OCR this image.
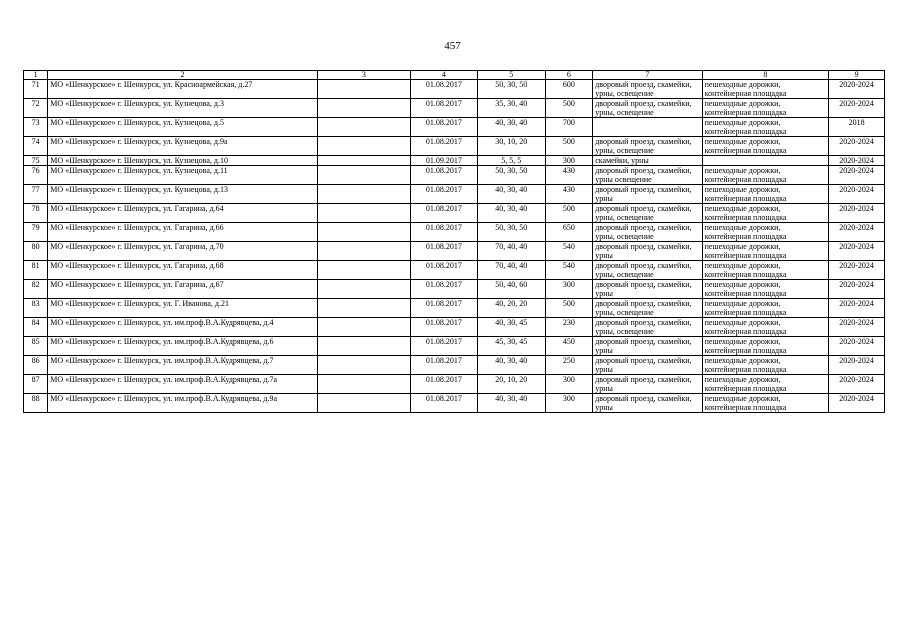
457
1	2	3	4	5	6	7	8	9
71	МО «Шенкурское» г. Шенкурск, ул. Красноармейская, д.27		01.08.2017	50, 30, 50	600	дворовый проезд, скамейки, урны, освещение	пешеходные дорожки, контейнерная площадка	2020-2024
72	МО «Шенкурское» г. Шенкурск, ул. Кузнецова, д.3		01.08.2017	35, 30, 40	500	дворовый проезд, скамейки, урны, освещение	пешеходные дорожки, контейнерная площадка	2020-2024
73	МО «Шенкурское» г. Шенкурск, ул. Кузнецова, д.5		01.08.2017	40, 30, 40	700		пешеходные дорожки, контейнерная площадка	2018
74	МО «Шенкурское» г. Шенкурск, ул. Кузнецова, д.9а		01.08.2017	30, 10, 20	500	дворовый проезд, скамейки, урны, освещение	пешеходные дорожки, контейнерная площадка	2020-2024
75	МО «Шенкурское» г. Шенкурск, ул. Кузнецова, д.10		01.09.2017	5, 5, 5	300	скамейки, урны		2020-2024
76	МО «Шенкурское» г. Шенкурск, ул. Кузнецова, д.11		01.08.2017	50, 30, 50	430	дворовый проезд, скамейки, урны освещение	пешеходные дорожки, контейнерная площадка	2020-2024
77	МО «Шенкурское» г. Шенкурск, ул. Кузнецова, д.13		01.08.2017	40, 30, 40	430	дворовый проезд, скамейки, урны	пешеходные дорожки, контейнерная площадка	2020-2024
78	МО «Шенкурское» г. Шенкурск, ул. Гагарина, д.64		01.08.2017	40, 30, 40	500	дворовый проезд, скамейки, урны, освещение	пешеходные дорожки, контейнерная площадка	2020-2024
79	МО «Шенкурское» г. Шенкурск, ул. Гагарина, д.66		01.08.2017	50, 30, 50	650	дворовый проезд, скамейки, урны, освещение	пешеходные дорожки, контейнерная площадка	2020-2024
80	МО «Шенкурское» г. Шенкурск, ул. Гагарина, д.70		01.08.2017	70, 40, 40	540	дворовый проезд, скамейки, урны	пешеходные дорожки, контейнерная площадка	2020-2024
81	МО «Шенкурское» г. Шенкурск, ул. Гагарина, д.68		01.08.2017	70, 40, 40	540	дворовый проезд, скамейки, урны, освещение	пешеходные дорожки, контейнерная площадка	2020-2024
82	МО «Шенкурское» г. Шенкурск, ул. Гагарина, д.67		01.08.2017	50, 40, 60	300	дворовый проезд, скамейки, урны	пешеходные дорожки, контейнерная площадка	2020-2024
83	МО «Шенкурское» г. Шенкурск, ул. Г. Иванова, д.21		01.08.2017	40, 20, 20	500	дворовый проезд, скамейки, урны, освещение	пешеходные дорожки, контейнерная площадка	2020-2024
84	МО «Шенкурское» г. Шенкурск, ул. им.проф.В.А.Кудрявцева, д.4		01.08.2017	40, 30, 45	230	дворовый проезд, скамейки, урны, освещение	пешеходные дорожки, контейнерная площадка	2020-2024
85	МО «Шенкурское» г. Шенкурск, ул. им.проф.В.А.Кудрявцева, д.6		01.08.2017	45, 30, 45	450	дворовый проезд, скамейки, урны	пешеходные дорожки, контейнерная площадка	2020-2024
86	МО «Шенкурское» г. Шенкурск, ул. им.проф.В.А.Кудрявцева, д.7		01.08.2017	40, 30, 40	250	дворовый проезд, скамейки, урны	пешеходные дорожки, контейнерная площадка	2020-2024
87	МО «Шенкурское» г. Шенкурск, ул. им.проф.В.А.Кудрявцева, д.7а		01.08.2017	20, 10, 20	300	дворовый проезд, скамейки, урны	пешеходные дорожки, контейнерная площадка	2020-2024
88	МО «Шенкурское» г. Шенкурск, ул. им.проф.В.А.Кудрявцева, д.9а		01.08.2017	40, 30, 40	300	дворовый проезд, скамейки, урны	пешеходные дорожки, контейнерная площадка	2020-2024
